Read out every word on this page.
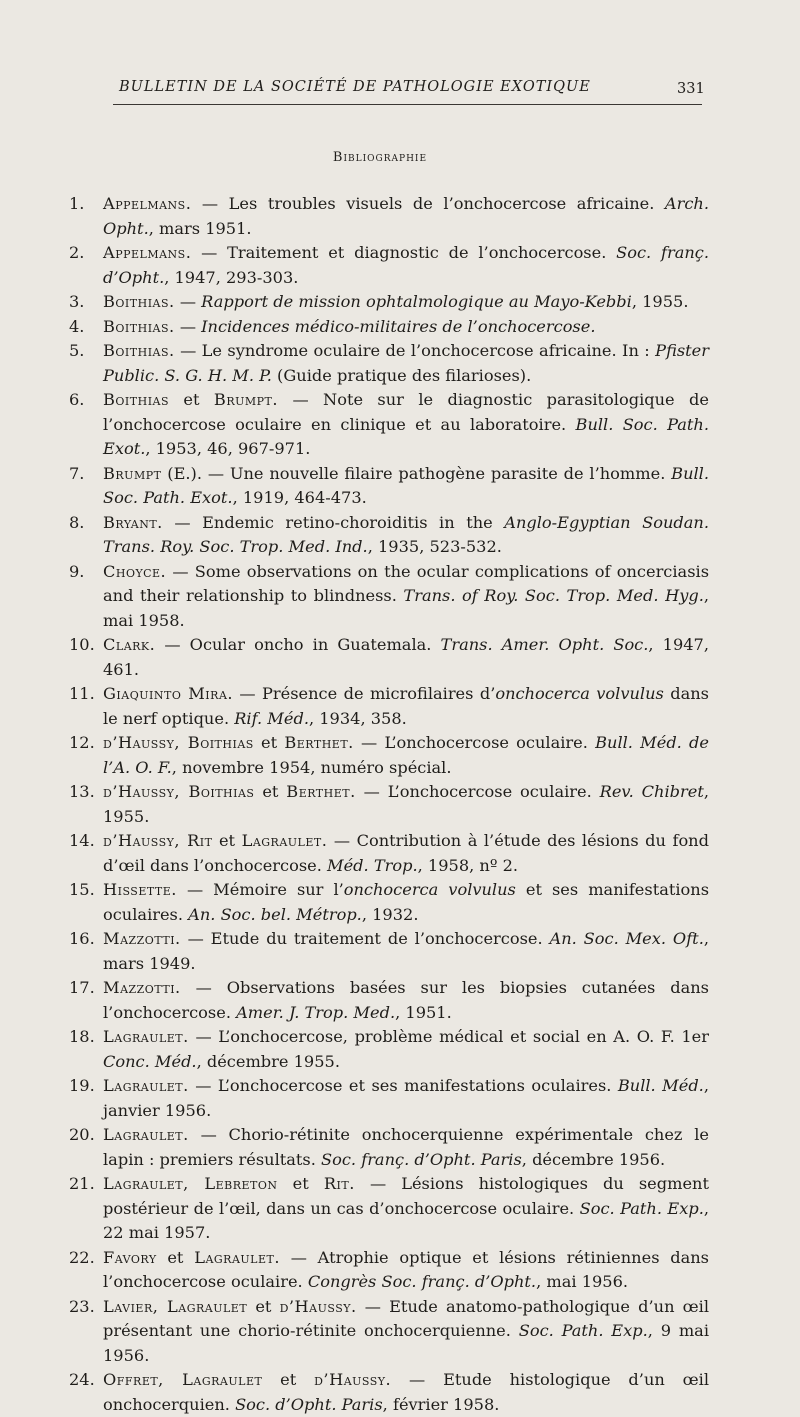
BULLETIN DE LA SOCIÉTÉ DE PATHOLOGIE EXOTIQUE	331
Bibliographie
1.	Appelmans. — Les troubles visuels de l’onchocercose africaine. Arch. Opht., mars 1951.
2.	Appelmans. — Traitement et diagnostic de l’onchocercose. Soc. franç. d’Opht., 1947, 293-303.
3.	Boithias. — Rapport de mission ophtalmologique au Mayo-Kebbi, 1955.
4.	Boithias. — Incidences médico-militaires de l’onchocercose.
5.	Boithias. — Le syndrome oculaire de l’onchocercose africaine. In : Pfister Public. S. G. H. M. P. (Guide pratique des filarioses).
6.	Boithias et Brumpt. — Note sur le diagnostic parasitologique de l’onchocercose oculaire en clinique et au laboratoire. Bull. Soc. Path. Exot., 1953, 46, 967-971.
7.	Brumpt (E.). — Une nouvelle filaire pathogène parasite de l’homme. Bull. Soc. Path. Exot., 1919, 464-473.
8.	Bryant. — Endemic retino-choroiditis in the Anglo-Egyptian Soudan. Trans. Roy. Soc. Trop. Med. Ind., 1935, 523-532.
9.	Choyce. — Some observations on the ocular complications of oncerciasis and their relationship to blindness. Trans. of Roy. Soc. Trop. Med. Hyg., mai 1958.
10. Clark. — Ocular oncho in Guatemala. Trans. Amer. Opht. Soc., 1947, 461.
11. Giaquinto Mira. — Présence de microfilaires d’onchocerca volvulus dans le nerf optique. Rif. Méd., 1934, 358.
12. d’Haussy, Boithias et Berthet. — L’onchocercose oculaire. Bull. Méd. de l’A. O. F., novembre 1954, numéro spécial.
13. d’Haussy, Boithias et Berthet. — L’onchocercose oculaire. Rev. Chibret, 1955.
14. d’Haussy, Rit et Lagraulet. — Contribution à l’étude des lésions du fond d’œil dans l’onchocercose. Méd. Trop., 1958, nº 2.
15. Hissette. — Mémoire sur l’onchocerca volvulus et ses manifestations oculaires. An. Soc. bel. Métrop., 1932.
16. Mazzotti. — Etude du traitement de l’onchocercose. An. Soc. Mex. Oft., mars 1949.
17. Mazzotti. — Observations basées sur les biopsies cutanées dans l’onchocercose. Amer. J. Trop. Med., 1951.
18. Lagraulet. — L’onchocercose, problème médical et social en A. O. F. 1er Conc. Méd., décembre 1955.
19. Lagraulet. — L’onchocercose et ses manifestations oculaires. Bull. Méd., janvier 1956.
20. Lagraulet. — Chorio-rétinite onchocerquienne expérimentale chez le lapin : premiers résultats. Soc. franç. d’Opht. Paris, décembre 1956.
21. Lagraulet, Lebreton et Rit. — Lésions histologiques du segment postérieur de l’œil, dans un cas d’onchocercose oculaire. Soc. Path. Exp., 22 mai 1957.
22. Favory et Lagraulet. — Atrophie optique et lésions rétiniennes dans l’onchocercose oculaire. Congrès Soc. franç. d’Opht., mai 1956.
23. Lavier, Lagraulet et d’Haussy. — Etude anatomo-pathologique d’un œil présentant une chorio-rétinite onchocerquienne. Soc. Path. Exp., 9 mai 1956.
24. Offret, Lagraulet et d’Haussy. — Etude histologique d’un œil onchocerquien. Soc. d’Opht. Paris, février 1958.
